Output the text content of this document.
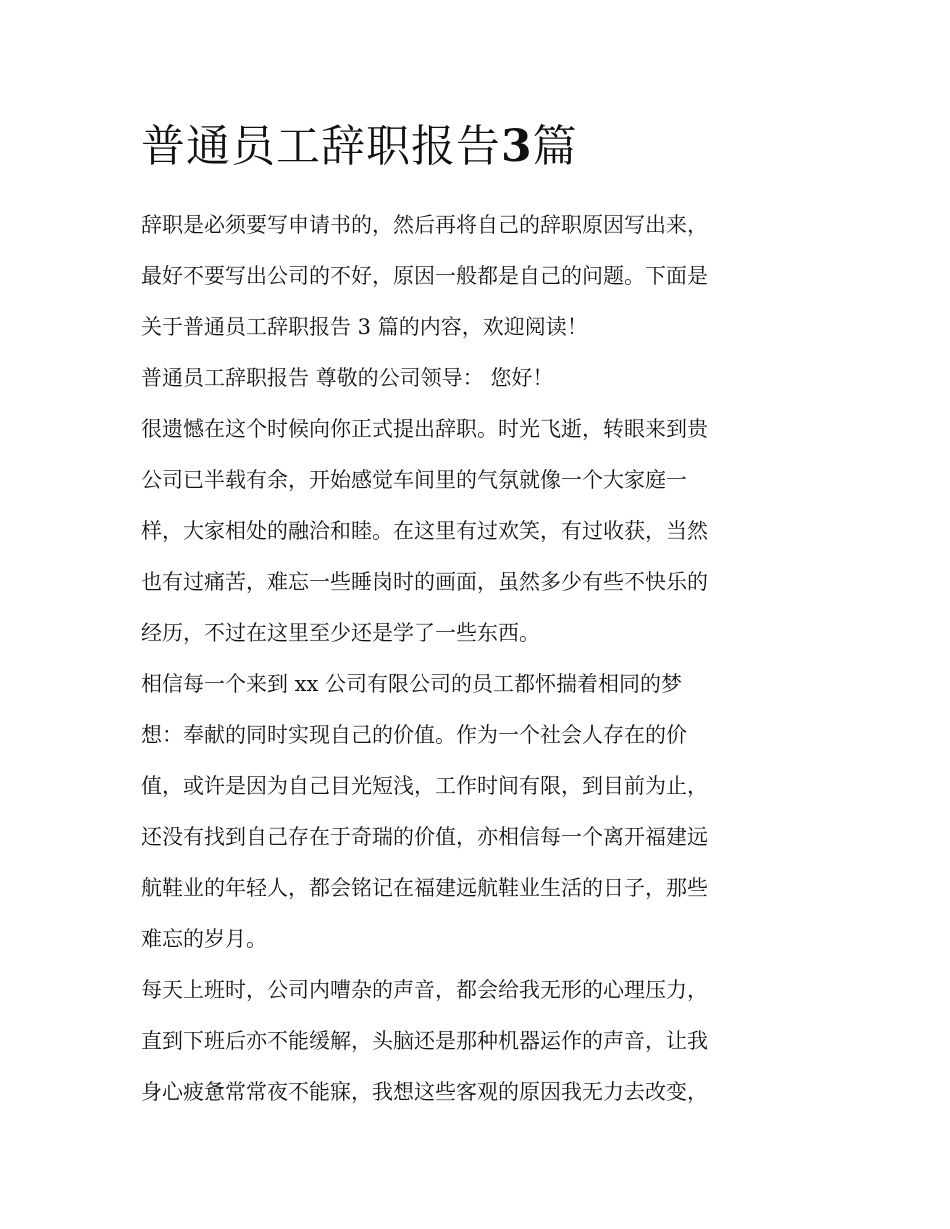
普通员工辞职报告3篇

辞职是必须要写申请书的，然后再将自己的辞职原因写出来，
最好不要写出公司的不好，原因一般都是自己的问题。下面是
关于普通员工辞职报告 3 篇的内容，欢迎阅读！

普通员工辞职报告 尊敬的公司领导： 您好！

很遗憾在这个时候向你正式提出辞职。时光飞逝，转眼来到贵
公司已半载有余，开始感觉车间里的气氛就像一个大家庭一
样，大家相处的融洽和睦。在这里有过欢笑，有过收获，当然
也有过痛苦，难忘一些睡岗时的画面，虽然多少有些不快乐的
经历，不过在这里至少还是学了一些东西。

相信每一个来到 xx 公司有限公司的员工都怀揣着相同的梦
想：奉献的同时实现自己的价值。作为一个社会人存在的价
值，或许是因为自己目光短浅，工作时间有限，到目前为止，
还没有找到自己存在于奇瑞的价值，亦相信每一个离开福建远
航鞋业的年轻人，都会铭记在福建远航鞋业生活的日子，那些
难忘的岁月。

每天上班时，公司内嘈杂的声音，都会给我无形的心理压力，
直到下班后亦不能缓解，头脑还是那种机器运作的声音，让我
身心疲惫常常夜不能寐，我想这些客观的原因我无力去改变，
